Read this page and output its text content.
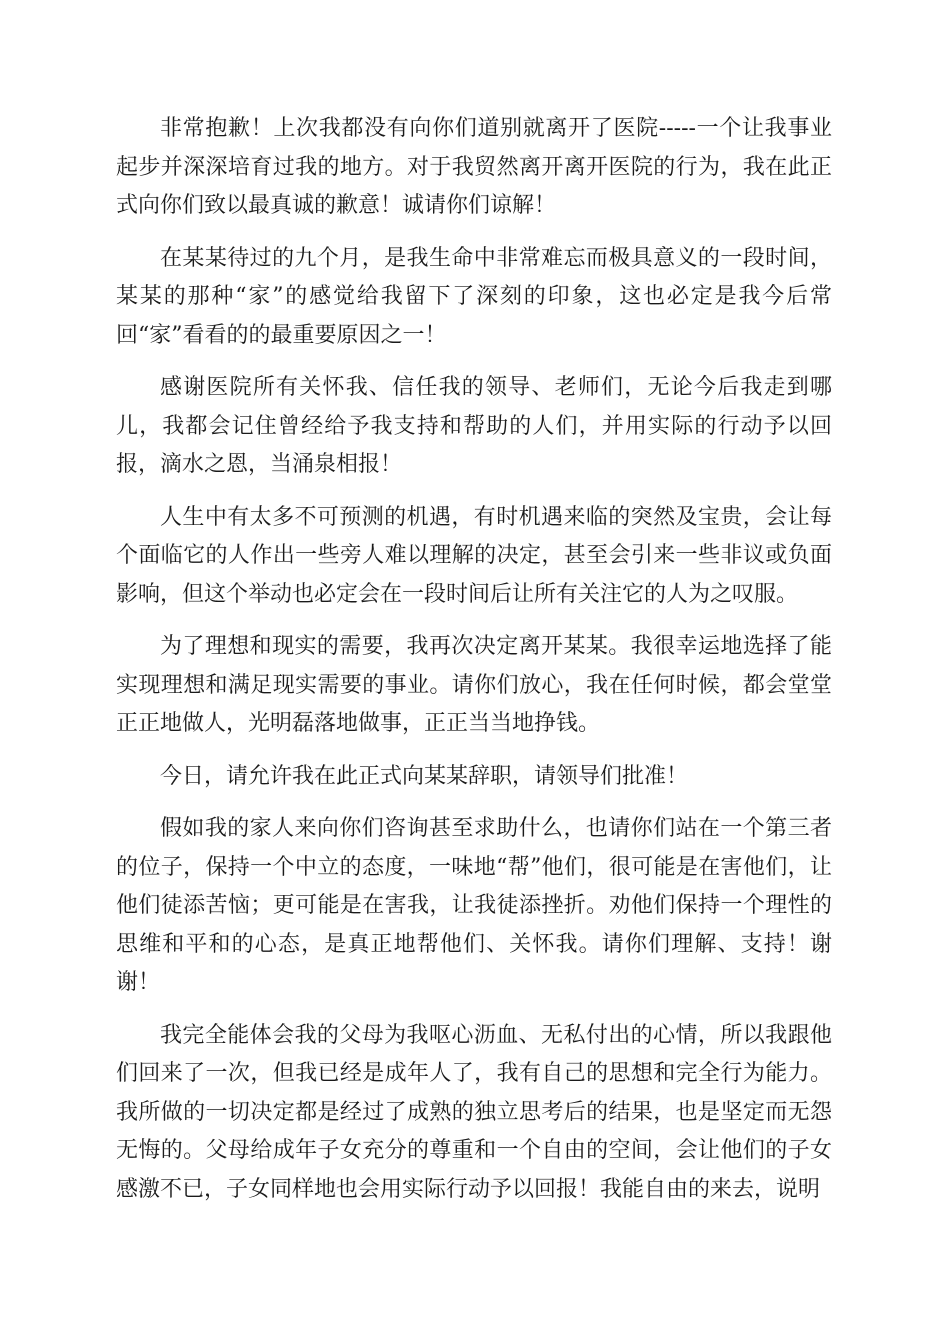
非常抱歉！上次我都没有向你们道别就离开了医院-----一个让我事业起步并深深培育过我的地方。对于我贸然离开离开医院的行为，我在此正式向你们致以最真诚的歉意！诚请你们谅解！

在某某待过的九个月，是我生命中非常难忘而极具意义的一段时间，某某的那种“家”的感觉给我留下了深刻的印象，这也必定是我今后常回“家”看看的的最重要原因之一！

感谢医院所有关怀我、信任我的领导、老师们，无论今后我走到哪儿，我都会记住曾经给予我支持和帮助的人们，并用实际的行动予以回报，滴水之恩，当涌泉相报！

人生中有太多不可预测的机遇，有时机遇来临的突然及宝贵，会让每个面临它的人作出一些旁人难以理解的决定，甚至会引来一些非议或负面影响，但这个举动也必定会在一段时间后让所有关注它的人为之叹服。

为了理想和现实的需要，我再次决定离开某某。我很幸运地选择了能实现理想和满足现实需要的事业。请你们放心，我在任何时候，都会堂堂正正地做人，光明磊落地做事，正正当当地挣钱。

今日，请允许我在此正式向某某辞职，请领导们批准！

假如我的家人来向你们咨询甚至求助什么，也请你们站在一个第三者的位子，保持一个中立的态度，一味地“帮”他们，很可能是在害他们，让他们徒添苦恼；更可能是在害我，让我徒添挫折。劝他们保持一个理性的思维和平和的心态，是真正地帮他们、关怀我。请你们理解、支持！谢谢！

我完全能体会我的父母为我呕心沥血、无私付出的心情，所以我跟他们回来了一次，但我已经是成年人了，我有自己的思想和完全行为能力。我所做的一切决定都是经过了成熟的独立思考后的结果，也是坚定而无怨无悔的。父母给成年子女充分的尊重和一个自由的空间，会让他们的子女感激不已，子女同样地也会用实际行动予以回报！我能自由的来去，说明
